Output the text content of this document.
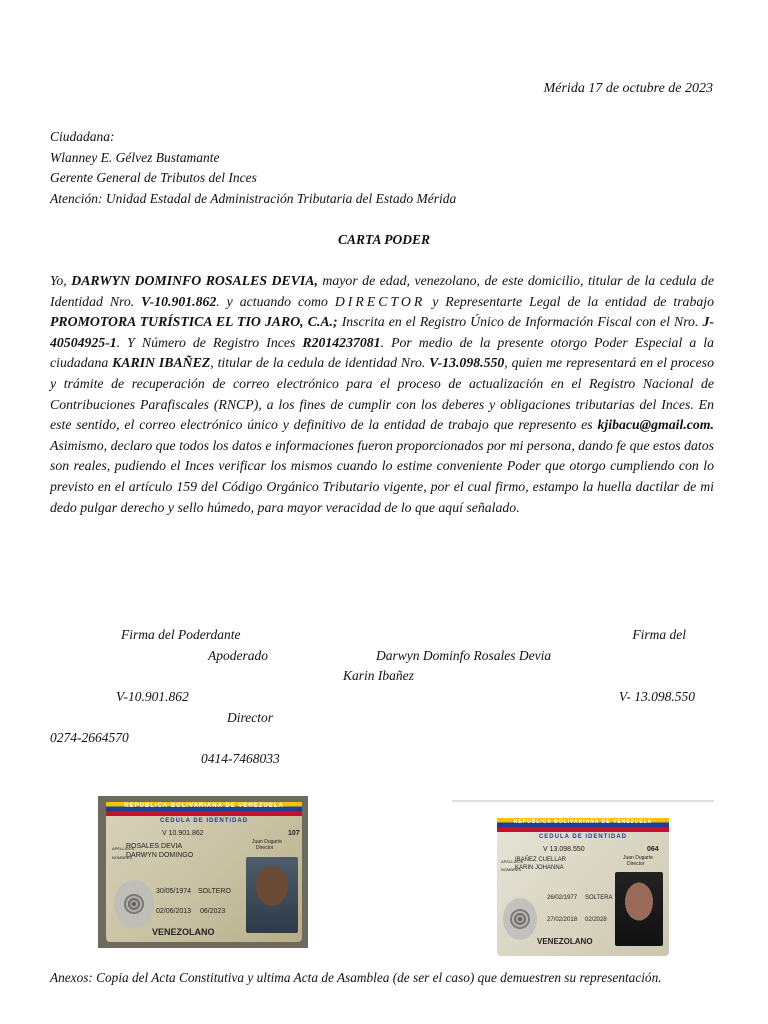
Mérida 17 de octubre de 2023
Ciudadana:
Wlanney E. Gélvez Bustamante
Gerente General de Tributos del Inces
Atención: Unidad Estadal de Administración Tributaria del Estado Mérida
CARTA PODER
Yo, DARWYN DOMINFO ROSALES DEVIA, mayor de edad, venezolano, de este domicilio, titular de la cedula de Identidad Nro. V-10.901.862. y actuando como DIRECTOR y Representarte Legal de la entidad de trabajo PROMOTORA TURÍSTICA EL TIO JARO, C.A.; Inscrita en el Registro Único de Información Fiscal con el Nro. J-40504925-1. Y Número de Registro Inces R2014237081. Por medio de la presente otorgo Poder Especial a la ciudadana KARIN IBAÑEZ, titular de la cedula de identidad Nro. V-13.098.550, quien me representará en el proceso y trámite de recuperación de correo electrónico para el proceso de actualización en el Registro Nacional de Contribuciones Parafiscales (RNCP), a los fines de cumplir con los deberes y obligaciones tributarias del Inces. En este sentido, el correo electrónico único y definitivo de la entidad de trabajo que represento es kjibacu@gmail.com. Asimismo, declaro que todos los datos e informaciones fueron proporcionados por mi persona, dando fe que estos datos son reales, pudiendo el Inces verificar los mismos cuando lo estime conveniente Poder que otorgo cumpliendo con lo previsto en el artículo 159 del Código Orgánico Tributario vigente, por el cual firmo, estampo la huella dactilar de mi dedo pulgar derecho y sello húmedo, para mayor veracidad de lo que aquí señalado.
Firma del Poderdante	Firma del
Apoderado	Darwyn Dominfo Rosales Devia
Karin Ibañez
V-10.901.862	V- 13.098.550
Director
0274-2664570
0414-7468033
REPUBLICA BOLIVARIANA DE VENEZUELA
CEDULA DE IDENTIDAD
V 10.901.862	107
Juan Dugarte
Director
APELLIDOS
ROSALES DEVIA
NOMBRES
DARWYN DOMINGO
30/05/1974 SOLTERO
02/06/2013 06/2023
VENEZOLANO
REPUBLICA BOLIVARIANA DE VENEZUELA
CEDULA DE IDENTIDAD
V 13.098.550	064
Juan Dugarte
Director
APELLIDOS
IBAÑEZ CUELLAR
NOMBRES
KARIN JOHANNA
26/02/1977 SOLTERA
27/02/2018 02/2028
VENEZOLANO
Anexos: Copia del Acta Constitutiva y ultima Acta de Asamblea (de ser el caso) que demuestren su representación.
